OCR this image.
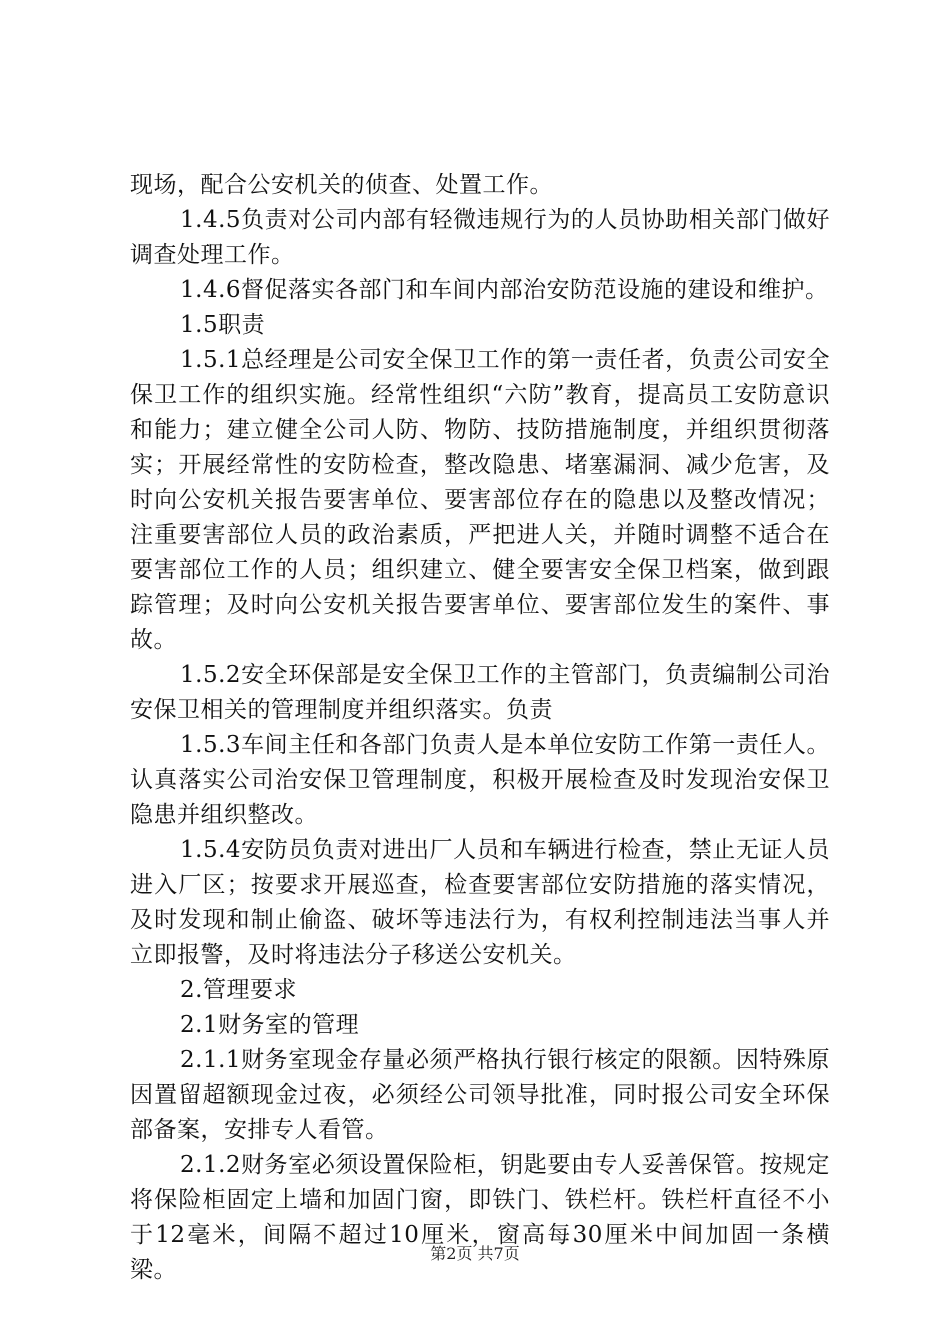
现场，配合公安机关的侦查、处置工作。

1.4.5负责对公司内部有轻微违规行为的人员协助相关部门做好调查处理工作。

1.4.6督促落实各部门和车间内部治安防范设施的建设和维护。

1.5职责

1.5.1总经理是公司安全保卫工作的第一责任者，负责公司安全保卫工作的组织实施。经常性组织“六防”教育，提高员工安防意识和能力；建立健全公司人防、物防、技防措施制度，并组织贯彻落实；开展经常性的安防检查，整改隐患、堵塞漏洞、减少危害，及时向公安机关报告要害单位、要害部位存在的隐患以及整改情况；注重要害部位人员的政治素质，严把进人关，并随时调整不适合在要害部位工作的人员；组织建立、健全要害安全保卫档案，做到跟踪管理；及时向公安机关报告要害单位、要害部位发生的案件、事故。

1.5.2安全环保部是安全保卫工作的主管部门，负责编制公司治安保卫相关的管理制度并组织落实。负责

1.5.3车间主任和各部门负责人是本单位安防工作第一责任人。认真落实公司治安保卫管理制度，积极开展检查及时发现治安保卫隐患并组织整改。

1.5.4安防员负责对进出厂人员和车辆进行检查，禁止无证人员进入厂区；按要求开展巡查，检查要害部位安防措施的落实情况，及时发现和制止偷盗、破坏等违法行为，有权利控制违法当事人并立即报警，及时将违法分子移送公安机关。

2.管理要求

2.1财务室的管理

2.1.1财务室现金存量必须严格执行银行核定的限额。因特殊原因置留超额现金过夜，必须经公司领导批准，同时报公司安全环保部备案，安排专人看管。

2.1.2财务室必须设置保险柜，钥匙要由专人妥善保管。按规定将保险柜固定上墙和加固门窗，即铁门、铁栏杆。铁栏杆直径不小于12毫米，间隔不超过10厘米，窗高每30厘米中间加固一条横梁。

第2页 共7页
